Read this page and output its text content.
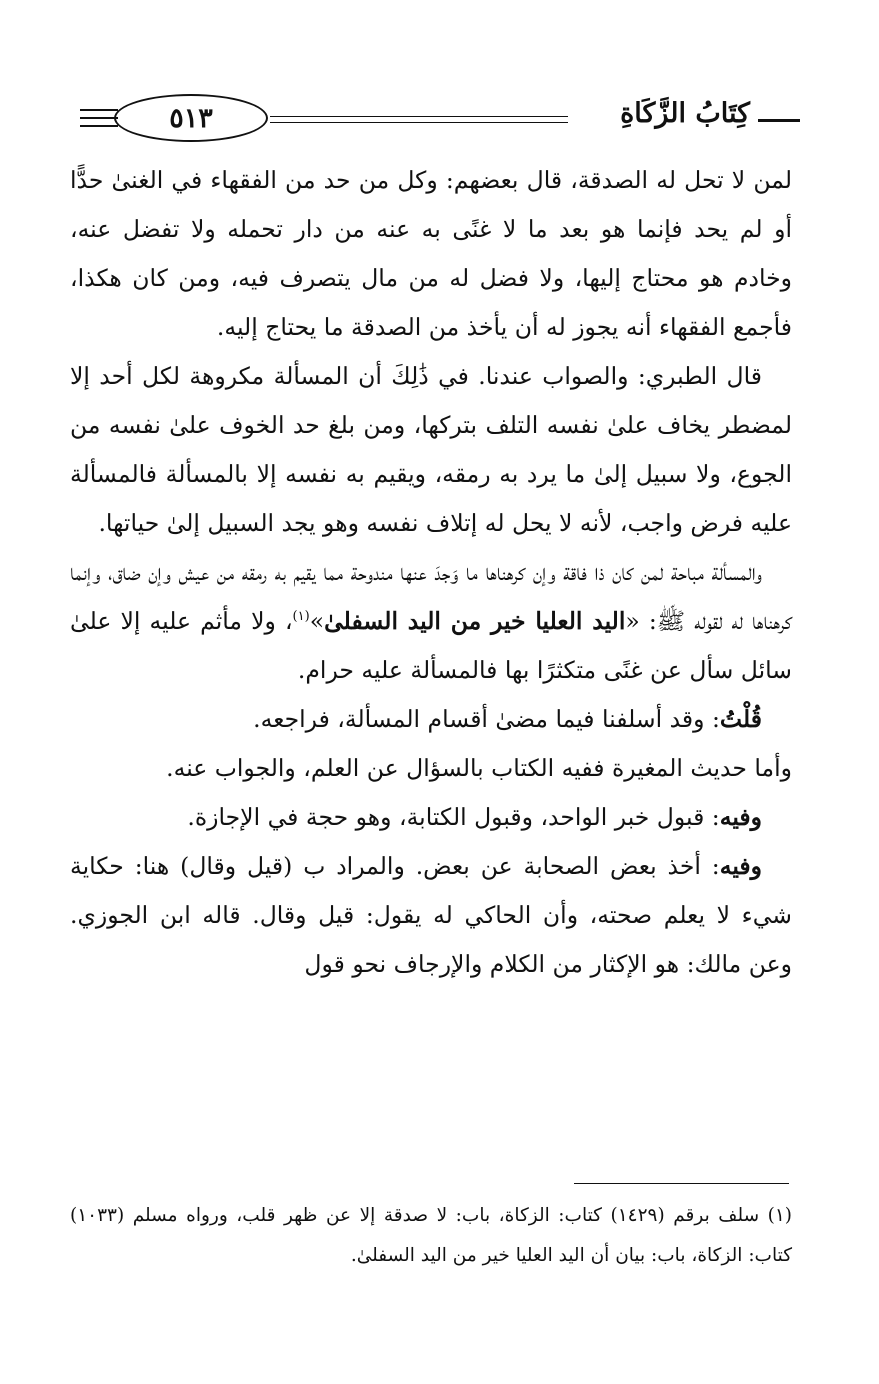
كِتَابُ الزَّكَاةِ
٥١٣

لمن لا تحل له الصدقة، قال بعضهم: وكل من حد من الفقهاء في الغنىٰ حدًّا أو لم يحد فإنما هو بعد ما لا غنًى به عنه من دار تحمله ولا تفضل عنه، وخادم هو محتاج إليها، ولا فضل له من مال يتصرف فيه، ومن كان هكذا، فأجمع الفقهاء أنه يجوز له أن يأخذ من الصدقة ما يحتاج إليه.

قال الطبري: والصواب عندنا. في ذَٰلِكَ أن المسألة مكروهة لكل أحد إلا لمضطر يخاف علىٰ نفسه التلف بتركها، ومن بلغ حد الخوف علىٰ نفسه من الجوع، ولا سبيل إلىٰ ما يرد به رمقه، ويقيم به نفسه إلا بالمسألة فالمسألة عليه فرض واجب، لأنه لا يحل له إتلاف نفسه وهو يجد السبيل إلىٰ حياتها.

والمسألة مباحة لمن كان ذا فاقة وإن كرهناها ما وَجدَ عنها مندوحة مما يقيم به رمقه من عيش وإن ضاق، وإنما كرهناها له لقوله ﷺ: «اليد العليا خير من اليد السفلىٰ»$^{(١)}$، ولا مأثم عليه إلا علىٰ سائل سأل عن غنًى متكثرًا بها فالمسألة عليه حرام.

قُلْتُ: وقد أسلفنا فيما مضىٰ أقسام المسألة، فراجعه.

وأما حديث المغيرة ففيه الكتاب بالسؤال عن العلم، والجواب عنه.

وفيه: قبول خبر الواحد، وقبول الكتابة، وهو حجة في الإجازة.

وفيه: أخذ بعض الصحابة عن بعض. والمراد ب (قيل وقال) هنا: حكاية شيء لا يعلم صحته، وأن الحاكي له يقول: قيل وقال. قاله ابن الجوزي. وعن مالك: هو الإكثار من الكلام والإرجاف نحو قول

(١) سلف برقم (١٤٢٩) كتاب: الزكاة، باب: لا صدقة إلا عن ظهر قلب، ورواه مسلم (١٠٣٣) كتاب: الزكاة، باب: بيان أن اليد العليا خير من اليد السفلىٰ.
